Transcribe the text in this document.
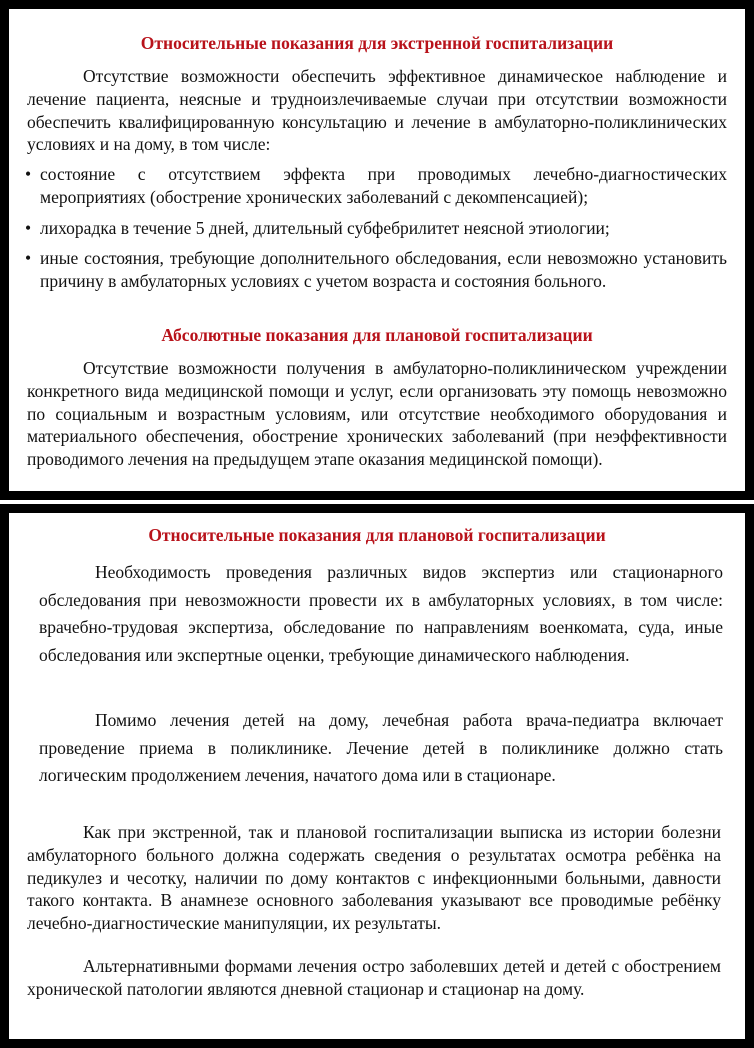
Относительные показания для экстренной госпитализации
Отсутствие возможности обеспечить эффективное динамическое наблюдение и лечение пациента, неясные и трудноизлечиваемые случаи при отсутствии возможности обеспечить квалифицированную консультацию и лечение в амбулаторно-поликлинических условиях и на дому, в том числе:
• состояние с отсутствием эффекта при проводимых лечебно-диагностических мероприятиях (обострение хронических заболеваний с декомпенсацией);
• лихорадка в течение 5 дней, длительный субфебрилитет неясной этиологии;
• иные состояния, требующие дополнительного обследования, если невозможно установить причину в амбулаторных условиях с учетом возраста и состояния больного.
Абсолютные показания для плановой госпитализации
Отсутствие возможности получения в амбулаторно-поликлиническом учреждении конкретного вида медицинской помощи и услуг, если организовать эту помощь невозможно по социальным и возрастным условиям, или отсутствие необходимого оборудования и материального обеспечения, обострение хронических заболеваний (при неэффективности проводимого лечения на предыдущем этапе оказания медицинской помощи).
Относительные показания для плановой госпитализации
Необходимость проведения различных видов экспертиз или стационарного обследования при невозможности провести их в амбулаторных условиях, в том числе: врачебно-трудовая экспертиза, обследование по направлениям военкомата, суда, иные обследования или экспертные оценки, требующие динамического наблюдения.
Помимо лечения детей на дому, лечебная работа врача-педиатра включает проведение приема в поликлинике. Лечение детей в поликлинике должно стать логическим продолжением лечения, начатого дома или в стационаре.
Как при экстренной, так и плановой госпитализации выписка из истории болезни амбулаторного больного должна содержать сведения о результатах осмотра ребёнка на педикулез и чесотку, наличии по дому контактов с инфекционными больными, давности такого контакта. В анамнезе основного заболевания указывают все проводимые ребёнку лечебно-диагностические манипуляции, их результаты.
Альтернативными формами лечения остро заболевших детей и детей с обострением хронической патологии являются дневной стационар и стационар на дому.
